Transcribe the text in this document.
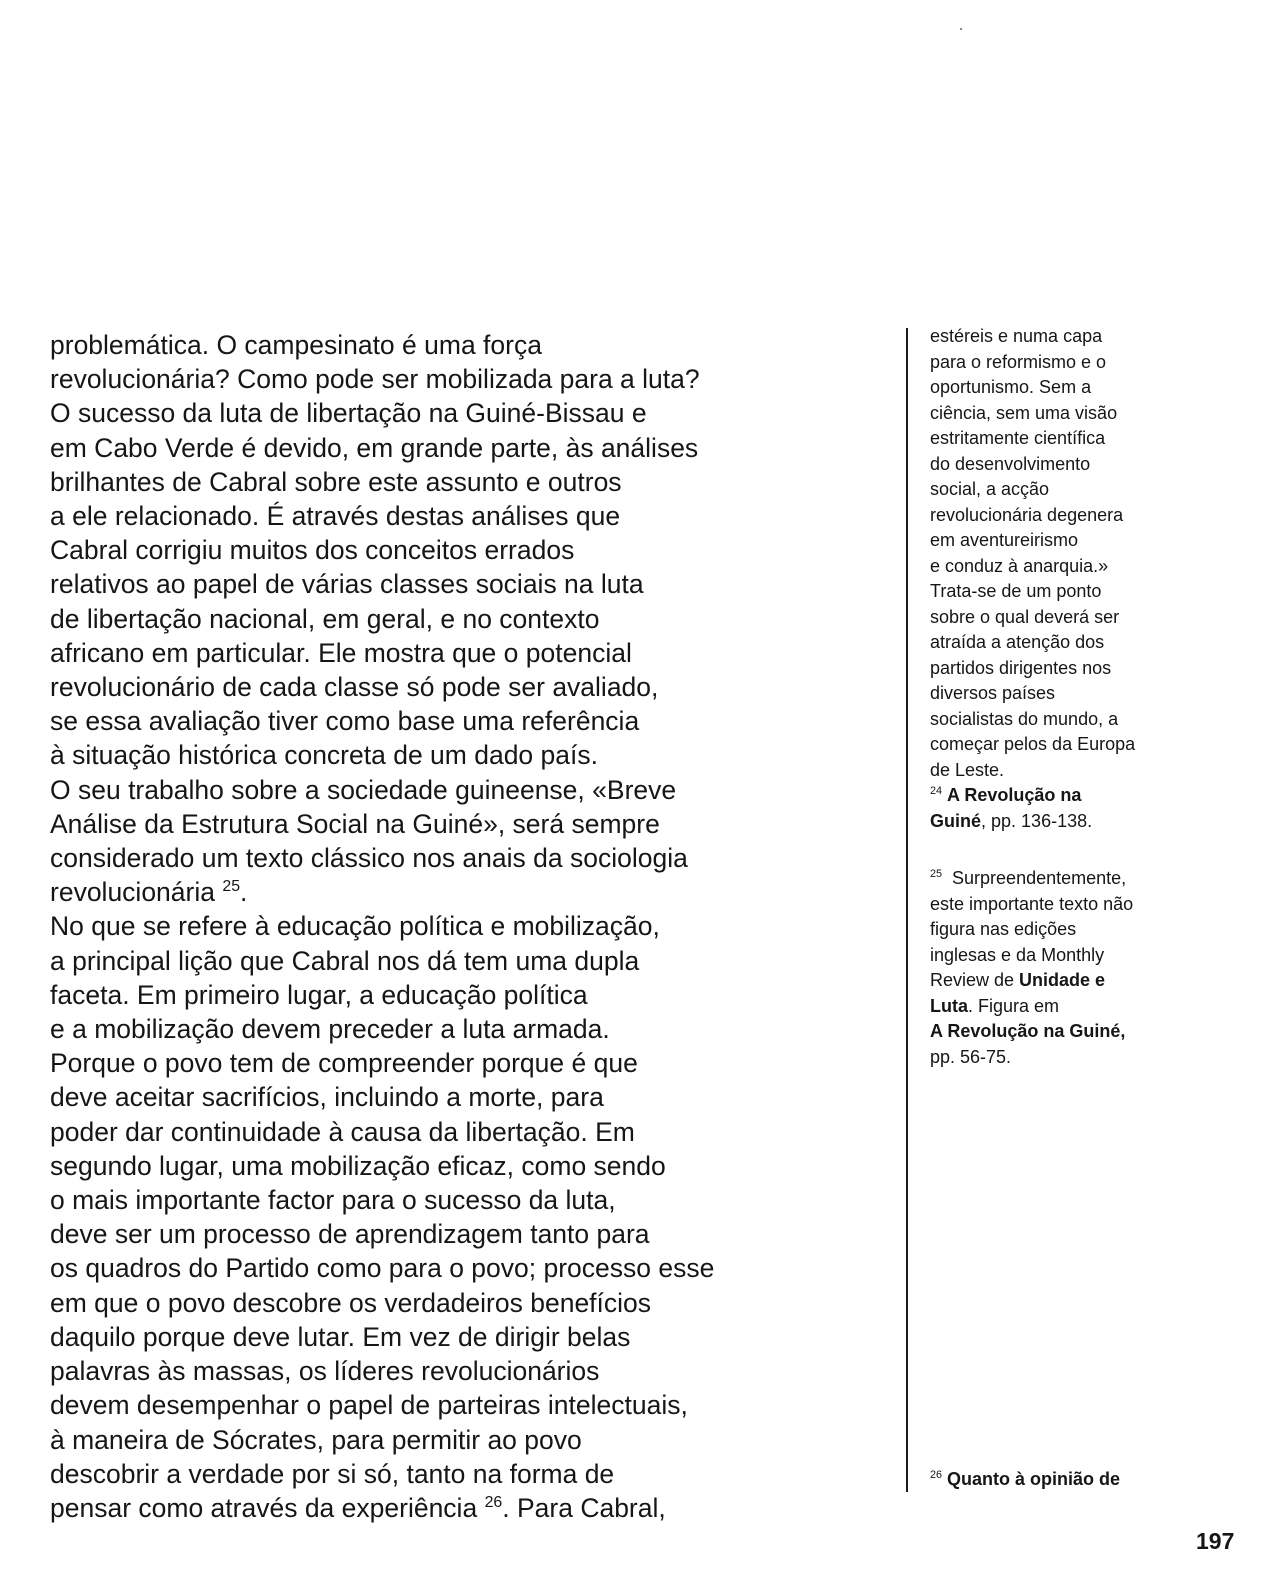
problemática. O campesinato é uma força
revolucionária? Como pode ser mobilizada para a luta?
O sucesso da luta de libertação na Guiné-Bissau e
em Cabo Verde é devido, em grande parte, às análises
brilhantes de Cabral sobre este assunto e outros
a ele relacionado. É através destas análises que
Cabral corrigiu muitos dos conceitos errados
relativos ao papel de várias classes sociais na luta
de libertação nacional, em geral, e no contexto
africano em particular. Ele mostra que o potencial
revolucionário de cada classe só pode ser avaliado,
se essa avaliação tiver como base uma referência
à situação histórica concreta de um dado país.
O seu trabalho sobre a sociedade guineense, «Breve
Análise da Estrutura Social na Guiné», será sempre
considerado um texto clássico nos anais da sociologia
revolucionária $^{25}$.
No que se refere à educação política e mobilização,
a principal lição que Cabral nos dá tem uma dupla
faceta. Em primeiro lugar, a educação política
e a mobilização devem preceder a luta armada.
Porque o povo tem de compreender porque é que
deve aceitar sacrifícios, incluindo a morte, para
poder dar continuidade à causa da libertação. Em
segundo lugar, uma mobilização eficaz, como sendo
o mais importante factor para o sucesso da luta,
deve ser um processo de aprendizagem tanto para
os quadros do Partido como para o povo; processo esse
em que o povo descobre os verdadeiros benefícios
daquilo porque deve lutar. Em vez de dirigir belas
palavras às massas, os líderes revolucionários
devem desempenhar o papel de parteiras intelectuais,
à maneira de Sócrates, para permitir ao povo
descobrir a verdade por si só, tanto na forma de
pensar como através da experiência $^{26}$. Para Cabral,
estéreis e numa capa
para o reformismo e o
oportunismo. Sem a
ciência, sem uma visão
estritamente científica
do desenvolvimento
social, a acção
revolucionária degenera
em aventureirismo
e conduz à anarquia.»
Trata-se de um ponto
sobre o qual deverá ser
atraída a atenção dos
partidos dirigentes nos
diversos países
socialistas do mundo, a
começar pelos da Europa
de Leste.
$^{24}$ A Revolução na
Guiné, pp. 136-138.
$^{25}$ Surpreendentemente,
este importante texto não
figura nas edições
inglesas e da Monthly
Review de Unidade e
Luta. Figura em
A Revolução na Guiné,
pp. 56-75.
$^{26}$ Quanto à opinião de
197
